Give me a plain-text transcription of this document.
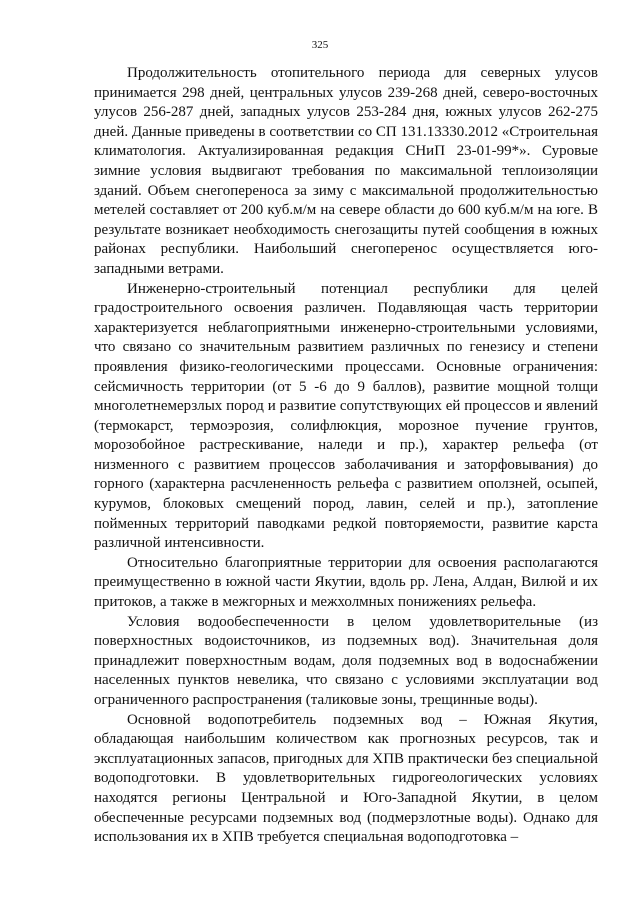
325

Продолжительность отопительного периода для северных улусов принимается 298 дней, центральных улусов 239-268 дней, северо-восточных улусов 256-287 дней, западных улусов 253-284 дня, южных улусов 262-275 дней. Данные приведены в соответствии со СП 131.13330.2012 «Строительная климатология. Актуализированная редакция СНиП 23-01-99*». Суровые зимние условия выдвигают требования по максимальной теплоизоляции зданий. Объем снегопереноса за зиму с максимальной продолжительностью метелей составляет от 200 куб.м/м на севере области до 600 куб.м/м на юге. В результате возникает необходимость снегозащиты путей сообщения в южных районах республики. Наибольший снегоперенос осуществляется юго-западными ветрами.

Инженерно-строительный потенциал республики для целей градостроительного освоения различен. Подавляющая часть территории характеризуется неблагоприятными инженерно-строительными условиями, что связано со значительным развитием различных по генезису и степени проявления физико-геологическими процессами. Основные ограничения: сейсмичность территории (от 5 -6 до 9 баллов), развитие мощной толщи многолетнемерзлых пород и развитие сопутствующих ей процессов и явлений (термокарст, термоэрозия, солифлюкция, морозное пучение грунтов, морозобойное растрескивание, наледи и пр.), характер рельефа (от низменного с развитием процессов заболачивания и заторфовывания) до горного (характерна расчлененность рельефа с развитием оползней, осыпей, курумов, блоковых смещений пород, лавин, селей и пр.), затопление пойменных территорий паводками редкой повторяемости, развитие карста различной интенсивности.

Относительно благоприятные территории для освоения располагаются преимущественно в южной части Якутии, вдоль рр. Лена, Алдан, Вилюй и их притоков, а также в межгорных и межхолмных понижениях рельефа.

Условия водообеспеченности в целом удовлетворительные (из поверхностных водоисточников, из подземных вод). Значительная доля принадлежит поверхностным водам, доля подземных вод в водоснабжении населенных пунктов невелика, что связано с условиями эксплуатации вод ограниченного распространения (таликовые зоны, трещинные воды).

Основной водопотребитель подземных вод – Южная Якутия, обладающая наибольшим количеством как прогнозных ресурсов, так и эксплуатационных запасов, пригодных для ХПВ практически без специальной водоподготовки. В удовлетворительных гидрогеологических условиях находятся регионы Центральной и Юго-Западной Якутии, в целом обеспеченные ресурсами подземных вод (подмерзлотные воды). Однако для использования их в ХПВ требуется специальная водоподготовка –
